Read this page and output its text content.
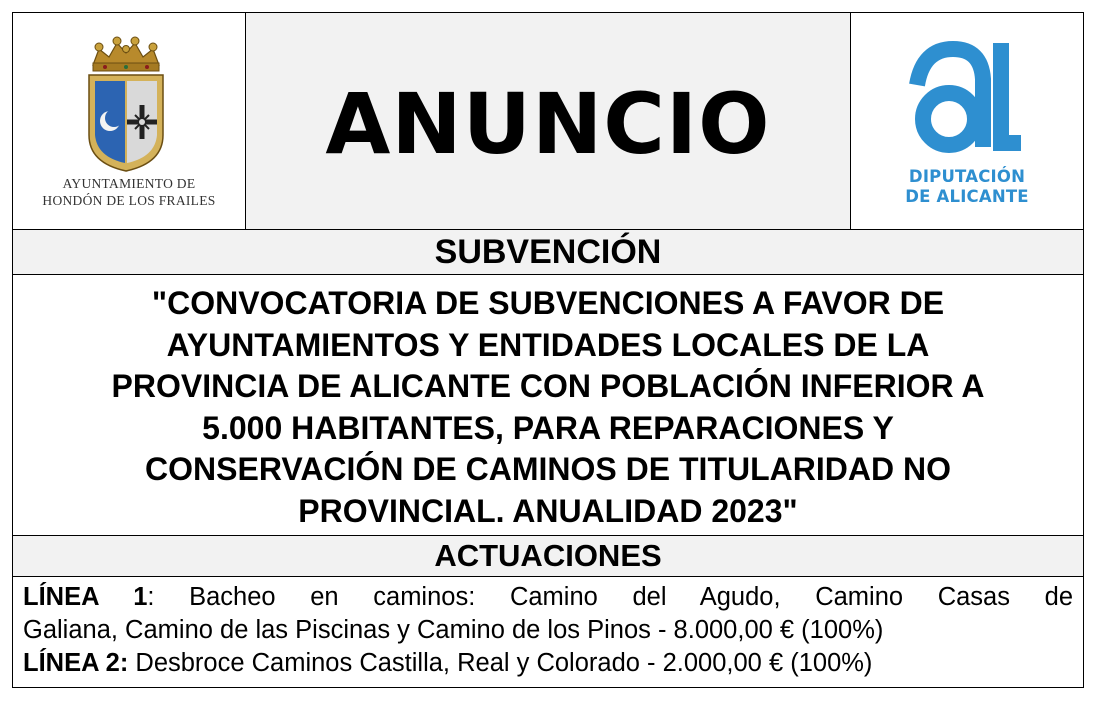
AYUNTAMIENTO DE
HONDÓN DE LOS FRAILES
ANUNCIO
DIPUTACIÓN
DE ALICANTE
SUBVENCIÓN
"CONVOCATORIA DE SUBVENCIONES A FAVOR DE
AYUNTAMIENTOS Y ENTIDADES LOCALES DE LA
PROVINCIA DE ALICANTE CON POBLACIÓN INFERIOR A
5.000 HABITANTES, PARA REPARACIONES Y
CONSERVACIÓN DE CAMINOS DE TITULARIDAD NO
PROVINCIAL. ANUALIDAD 2023"
ACTUACIONES
LÍNEA 1: Bacheo en caminos: Camino del Agudo, Camino Casas de
Galiana, Camino de las Piscinas y Camino de los Pinos - 8.000,00 € (100%)
LÍNEA 2: Desbroce Caminos Castilla, Real y Colorado - 2.000,00 € (100%)
